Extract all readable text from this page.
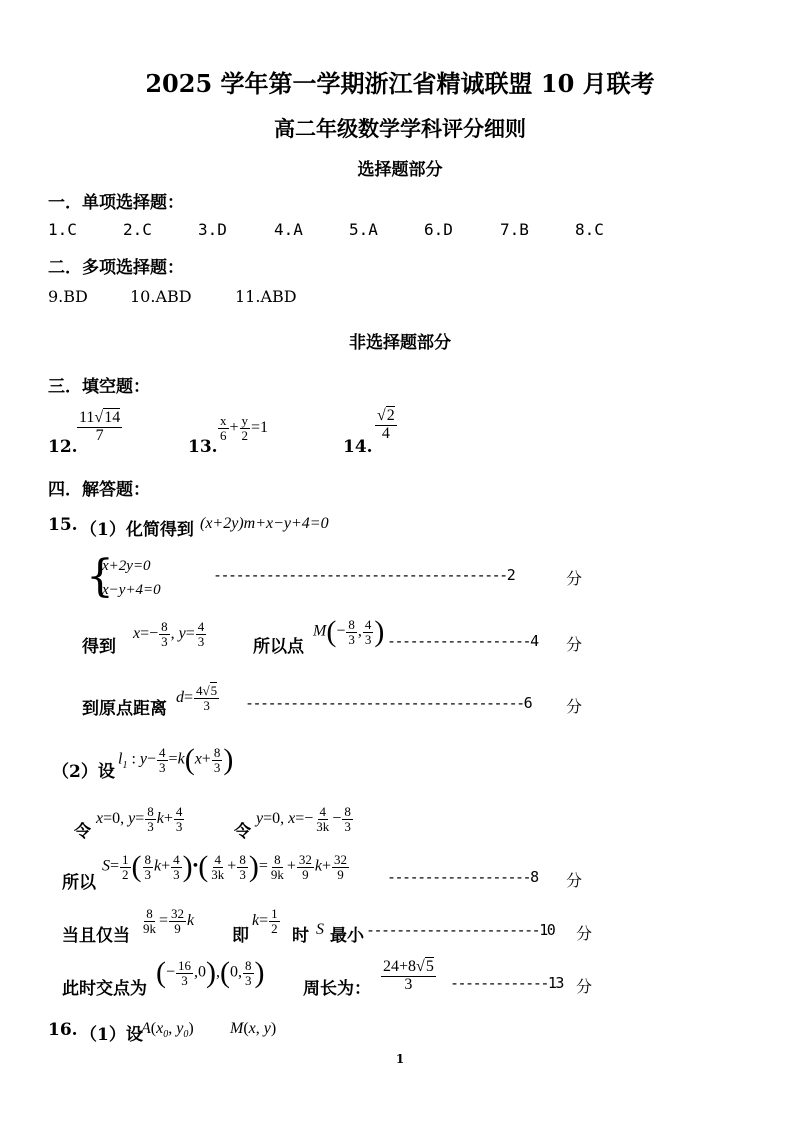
2025 学年第一学期浙江省精诚联盟 10 月联考
高二年级数学学科评分细则
选择题部分
一．单项选择题：
1.C	2.C	3.D	4.A	5.A	6.D	7.B	8.C
二．多项选择题：
9.BD	10.ABD	11.ABD
非选择题部分
三．填空题：
12.
$\frac{11√14}{7}$
13.
$\frac{x}{6} + \frac{y}{2} =1$
14.
$\frac{√2}{4}$
四．解答题：
15. （1）化简得到 (x+2y)m+x−y+4=0
{
x+2y=0
x−y+4=0
---------------------------------------2	分
得到
$x=- \frac{8}{3}$ , $y= \frac{4}{3}$	所以点
$M(- \frac{8}{3}$ , $\frac{4}{3}$ ) -------------------4 分
到原点距离
$d= \frac{4√5}{3} -------------------------------------6$ 分
（2）设
$l_1$ : $y- \frac{4}{3} =k(x+ \frac{8}{3}$ )
令
x=0, $y= \frac{8}{3} k+ \frac{4}{3}$	令
y=0, $x=- \frac{4}{3k} - \frac{8}{3}$
所以
$S= \frac{1}{2}$ ( $\frac{8}{3} k+ \frac{4}{3}$ )•( $\frac{4}{3k} + \frac{8}{3}$ )= $\frac{8}{9k} + \frac{32}{9} k+ \frac{32}{9}$	-------------------8 分
当且仅当
$\frac{8}{9k} = \frac{32}{9}$ k
即
$k= \frac{1}{2}$
时 S 最小 -----------------------10 分
此时交点为 (− $\frac{16}{3} ,0),(0$, $\frac{8}{3}$ ) 周长为： $\frac{24+8√5}{3} -------------13$ 分
16. （1）设
$A(x_0$, $y_0$) M(x, y)
1
